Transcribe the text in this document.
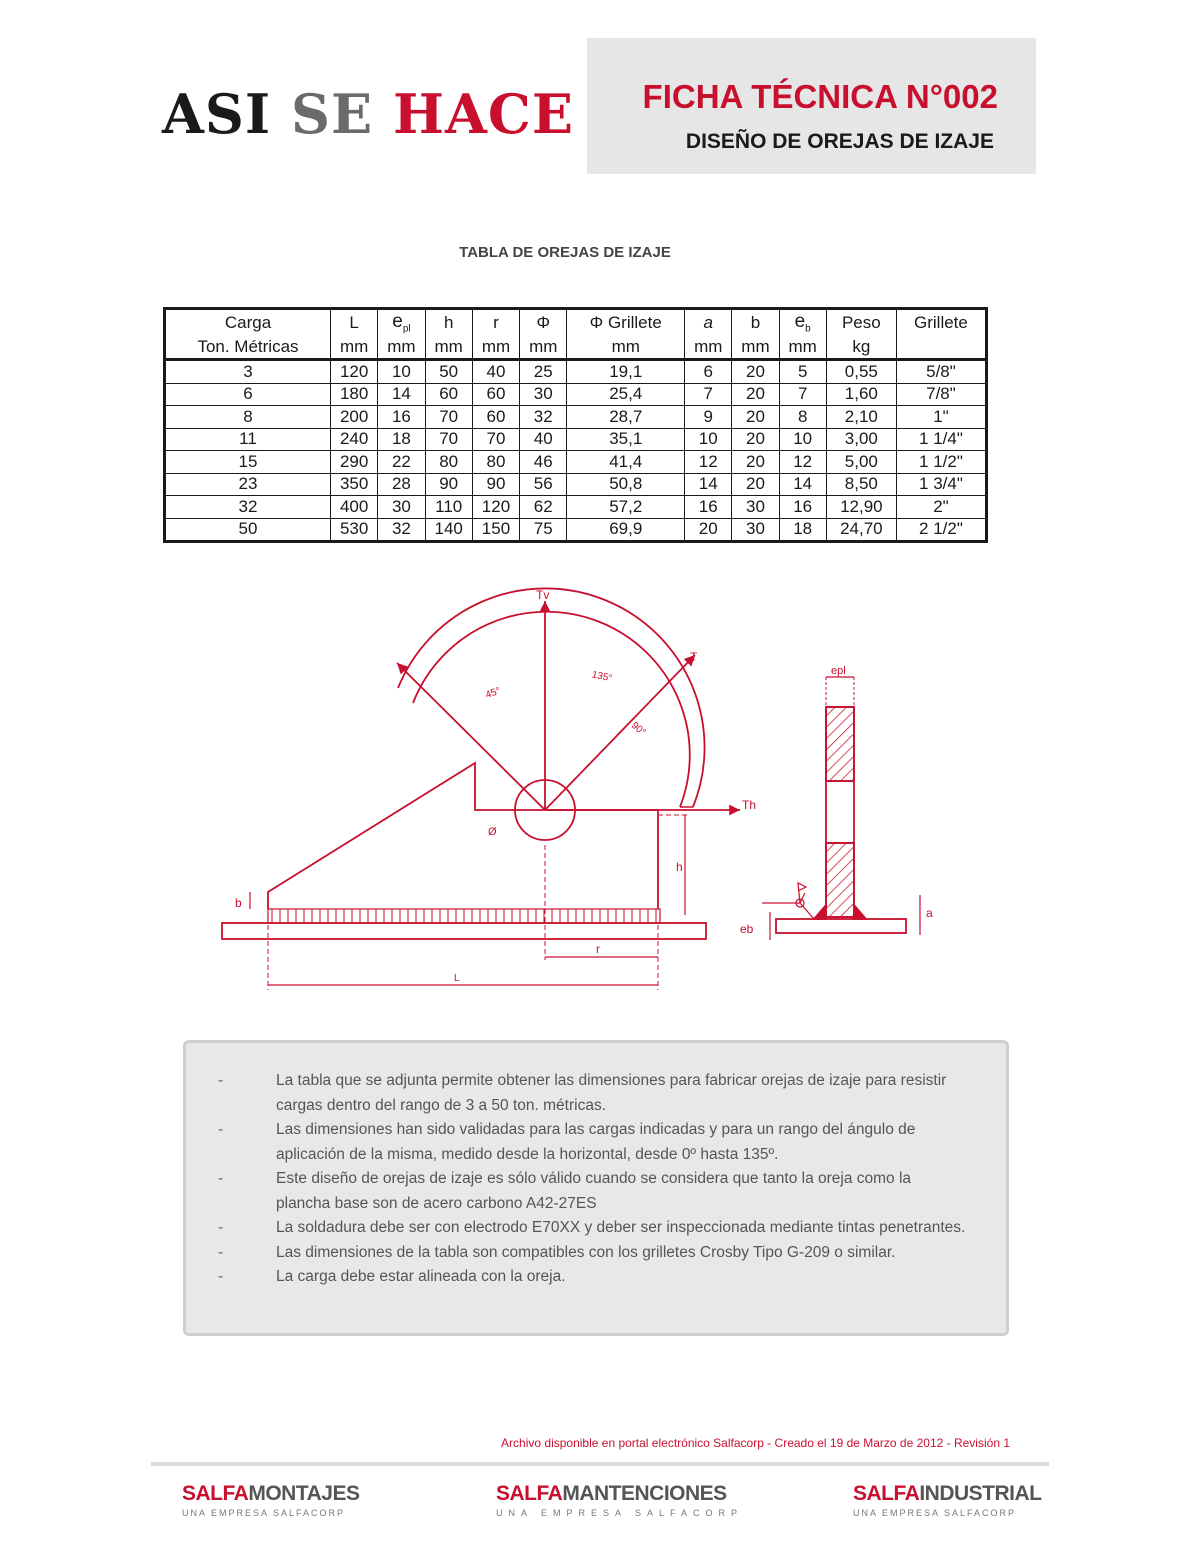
ASI SE HACE FICHA TÉCNICA N°002
DISEÑO DE OREJAS DE IZAJE
TABLA DE OREJAS DE IZAJE
Carga	L	$e_{pl}$	h	r	Φ	Φ Grillete	a	b	$e_b$	Peso	Grillete
Ton. Métricas	mm	mm	mm	mm	mm	mm	mm	mm	mm	kg	
3	120	10	50	40	25	19,1	6	20	5	0,55	5/8"
6	180	14	60	60	30	25,4	7	20	7	1,60	7/8"
8	200	16	70	60	32	28,7	9	20	8	2,10	1"
11	240	18	70	70	40	35,1	10	20	10	3,00	1 1/4"
15	290	22	80	80	46	41,4	12	20	12	5,00	1 1/2"
23	350	28	90	90	56	50,8	14	20	14	8,50	1 3/4"
32	400	30	110	120	62	57,2	16	30	16	12,90	2"
50	530	32	140	150	75	69,9	20	30	18	24,70	2 1/2"
Tv
T
Th
135°
45°
90°
Ø
h
b
r
L
epl
eb
a
-	La tabla que se adjunta permite obtener las dimensiones para fabricar orejas de izaje para resistir cargas dentro del rango de 3 a 50 ton. métricas.
-	Las dimensiones han sido validadas para las cargas indicadas y para un rango del ángulo de aplicación de la misma, medido desde la horizontal, desde 0º hasta 135º.
-	Este diseño de orejas de izaje es sólo válido cuando se considera que tanto la oreja como la plancha base son de acero carbono A42-27ES
-	La soldadura debe ser con electrodo E70XX y deber ser inspeccionada mediante tintas penetrantes.
-	Las dimensiones de la tabla son compatibles con los grilletes Crosby Tipo G-209 o similar.
-	La carga debe estar alineada con la oreja.
Archivo disponible en portal electrónico Salfacorp - Creado el 19 de Marzo de 2012 - Revisión 1
SALFAMONTAJES
UNA EMPRESA SALFACORP
SALFAMANTENCIONES
UNA EMPRESA SALFACORP
SALFAINDUSTRIAL
UNA EMPRESA SALFACORP
